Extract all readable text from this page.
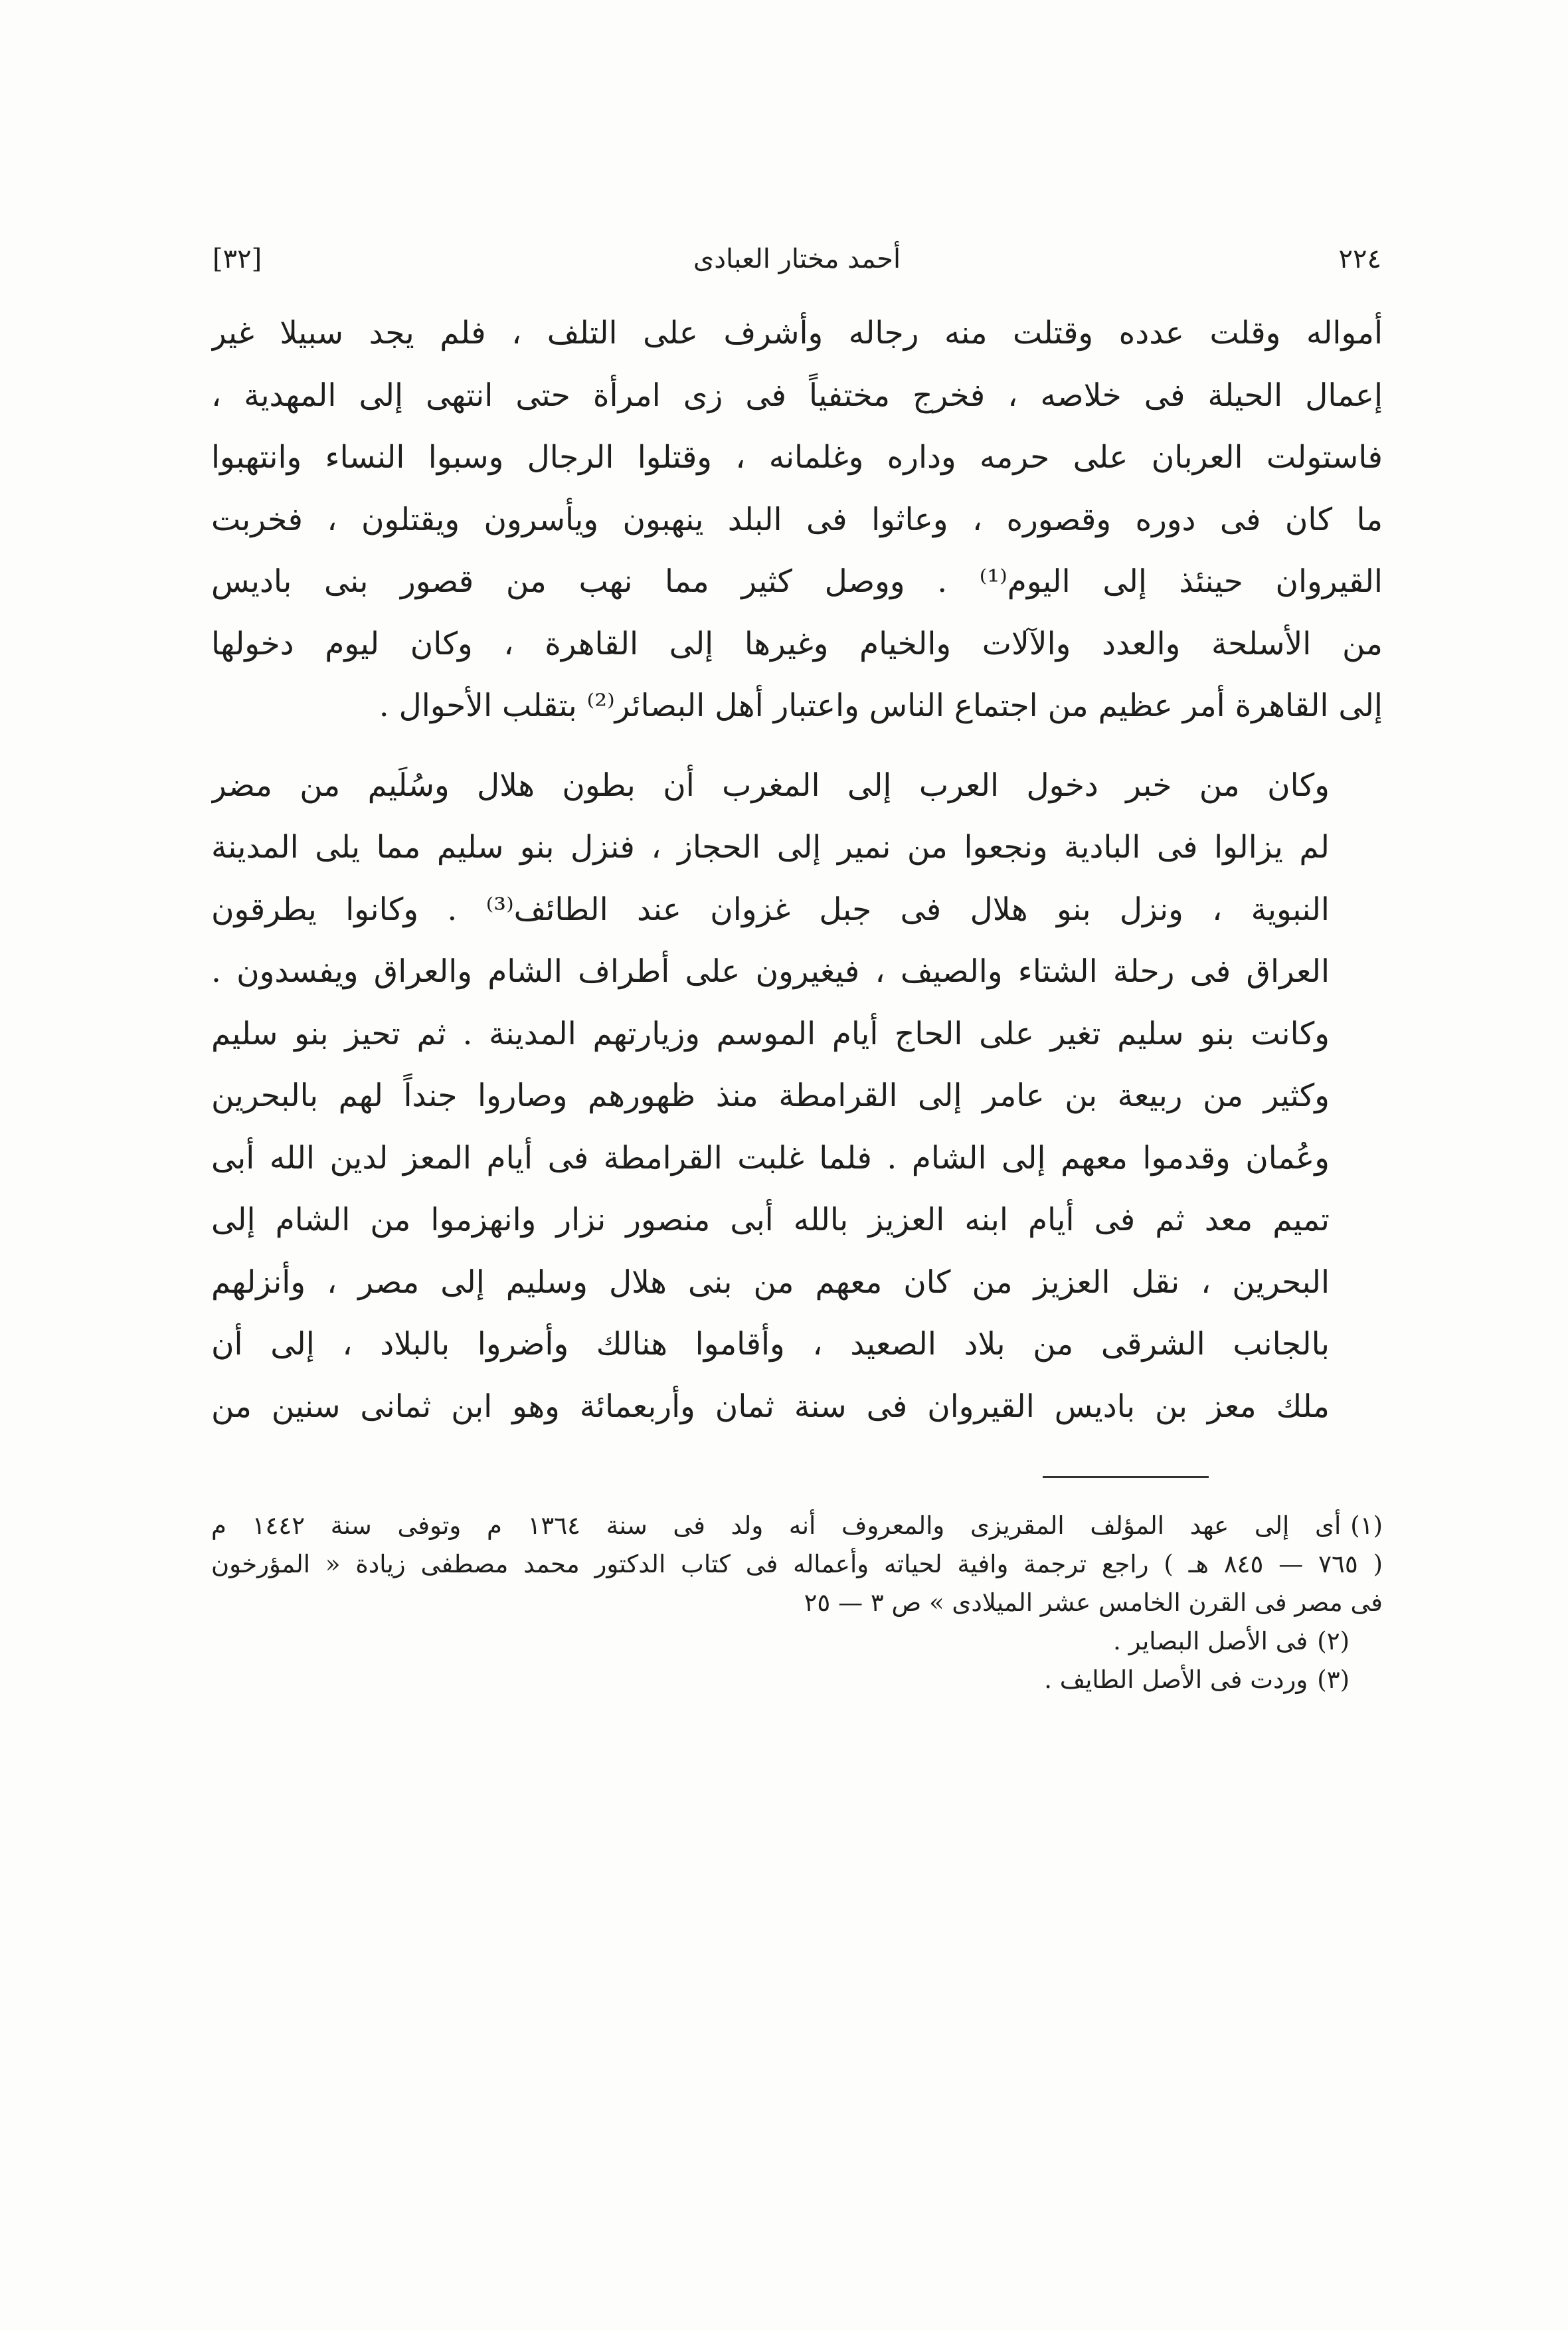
٢٢٤
أحمد مختار العبادى
[٣٢]
أمواله وقلت عدده وقتلت منه رجاله وأشرف على التلف ، فلم يجد سبيلا غير
إعمال الحيلة فى خلاصه ، فخرج مختفياً فى زى امرأة حتى انتهى إلى المهدية ،
فاستولت العربان على حرمه وداره وغلمانه ، وقتلوا الرجال وسبوا النساء وانتهبوا
ما كان فى دوره وقصوره ، وعاثوا فى البلد ينهبون ويأسرون ويقتلون ، فخربت
القيروان حينئذ إلى اليوم⁽¹⁾ . ووصل كثير مما نهب من قصور بنى باديس
من الأسلحة والعدد والآلات والخيام وغيرها إلى القاهرة ، وكان ليوم دخولها
إلى القاهرة أمر عظيم من اجتماع الناس واعتبار أهل البصائر⁽²⁾ بتقلب الأحوال .
وكان من خبر دخول العرب إلى المغرب أن بطون هلال وسُلَيم من مضر
لم يزالوا فى البادية ونجعوا من نمير إلى الحجاز ، فنزل بنو سليم مما يلى المدينة
النبوية ، ونزل بنو هلال فى جبل غزوان عند الطائف⁽³⁾ . وكانوا يطرقون
العراق فى رحلة الشتاء والصيف ، فيغيرون على أطراف الشام والعراق ويفسدون .
وكانت بنو سليم تغير على الحاج أيام الموسم وزيارتهم المدينة . ثم تحيز بنو سليم
وكثير من ربيعة بن عامر إلى القرامطة منذ ظهورهم وصاروا جنداً لهم بالبحرين
وعُمان وقدموا معهم إلى الشام . فلما غلبت القرامطة فى أيام المعز لدين الله أبى
تميم معد ثم فى أيام ابنه العزيز بالله أبى منصور نزار وانهزموا من الشام إلى
البحرين ، نقل العزيز من كان معهم من بنى هلال وسليم إلى مصر ، وأنزلهم
بالجانب الشرقى من بلاد الصعيد ، وأقاموا هنالك وأضروا بالبلاد ، إلى أن
ملك معز بن باديس القيروان فى سنة ثمان وأربعمائة وهو ابن ثمانى سنين من

(١)أى إلى عهد المؤلف المقريزى والمعروف أنه ولد فى سنة ١٣٦٤ م وتوفى سنة ١٤٤٢ م

( ٧٦٥ — ٨٤٥ هـ ) راجع ترجمة وافية لحياته وأعماله فى كتاب الدكتور محمد مصطفى زيادة « المؤرخون

فى مصر فى القرن الخامس عشر الميلادى » ص ٣ — ٢٥

(٢)فى الأصل البصاير .

(٣)وردت فى الأصل الطايف .
